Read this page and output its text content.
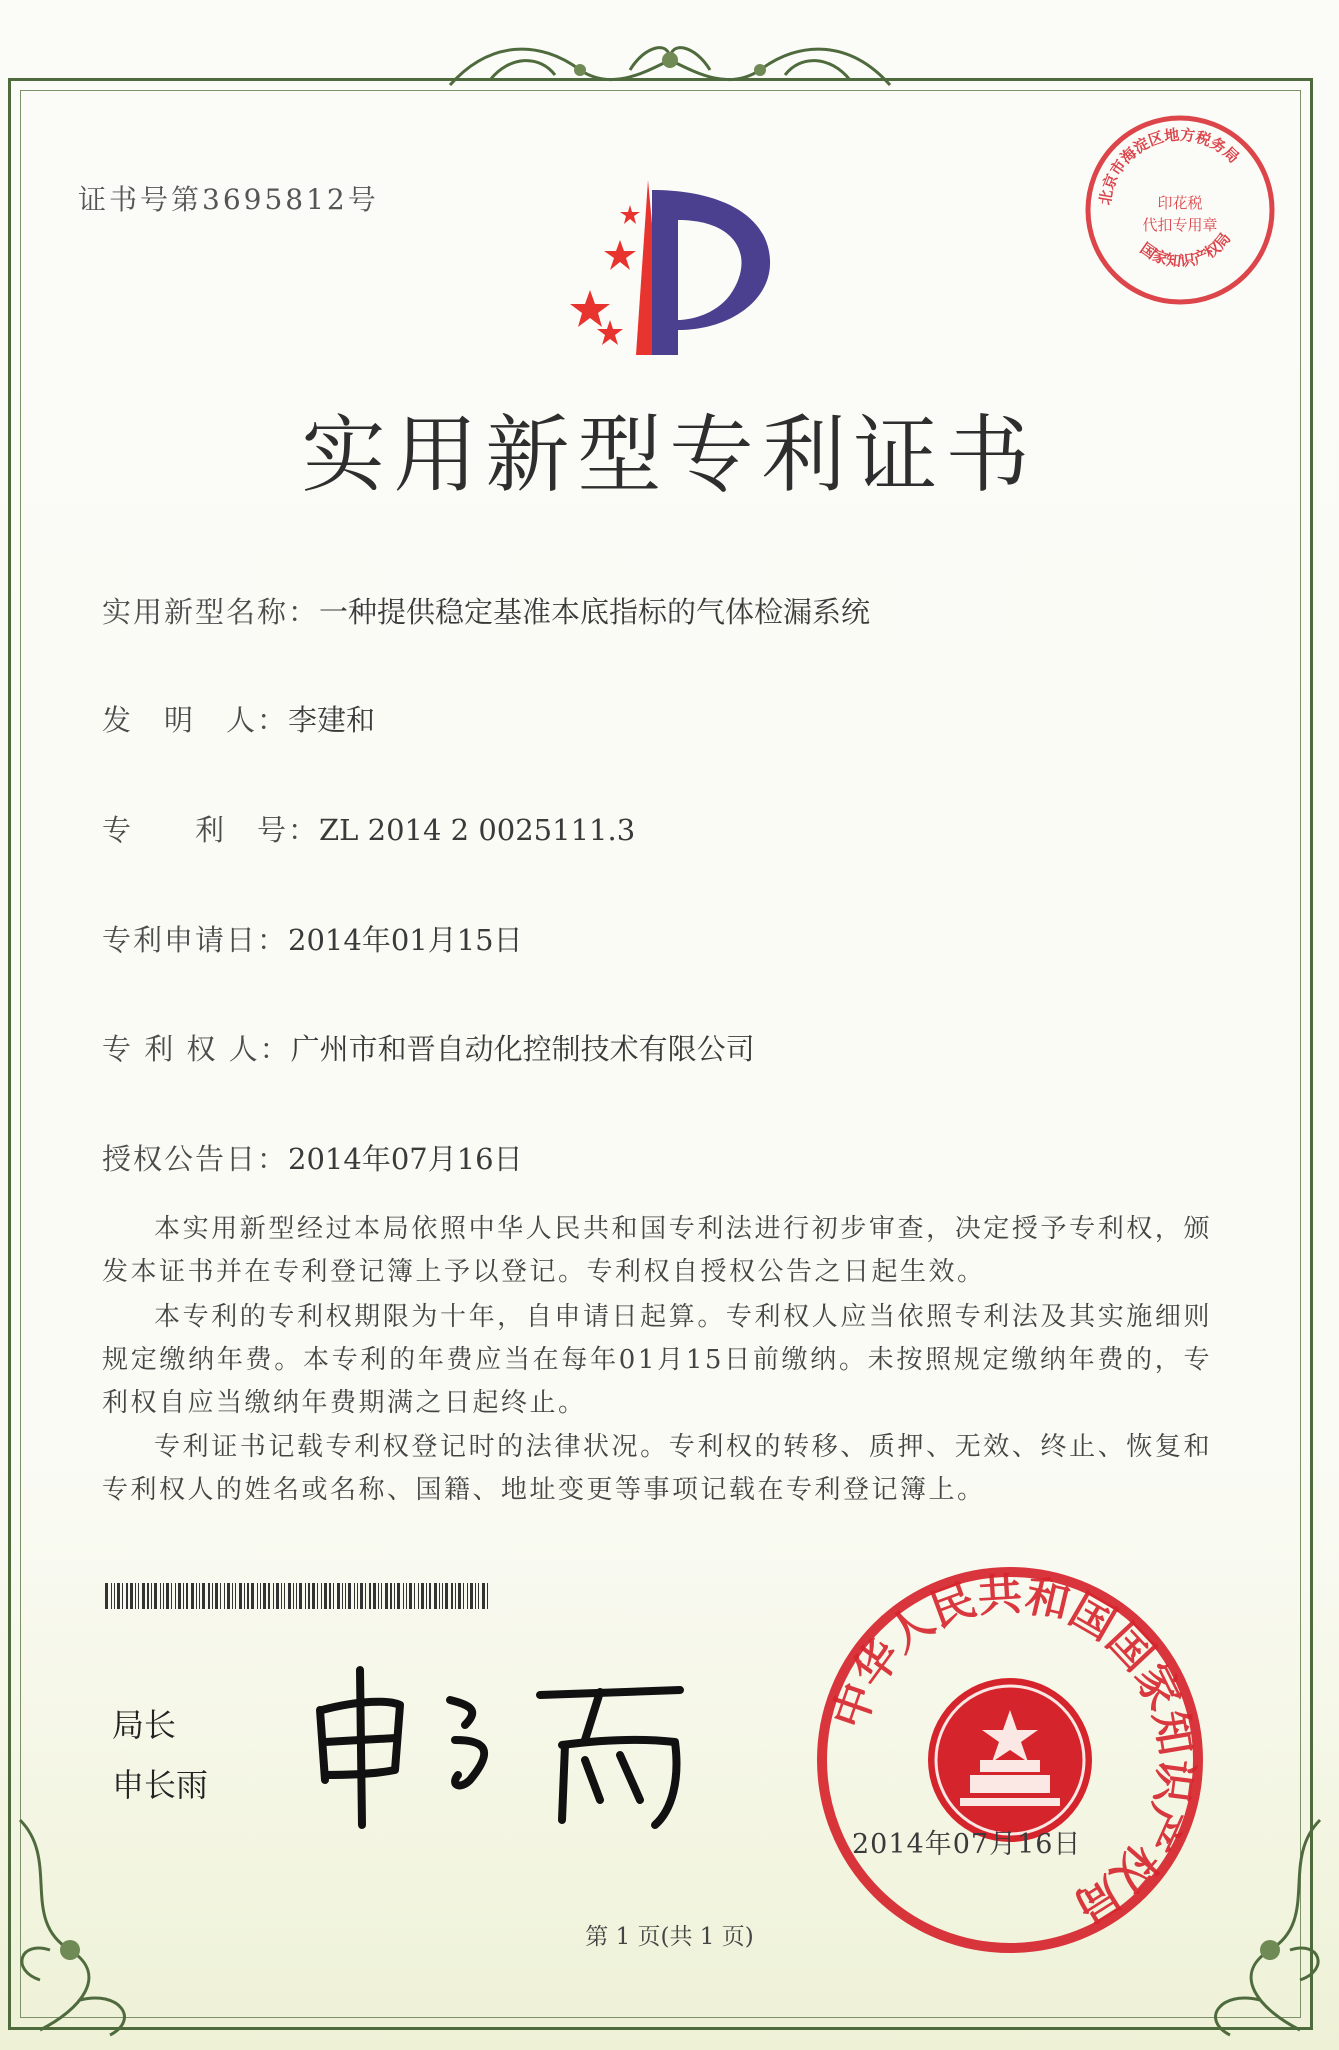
证书号第3695812号
实用新型专利证书
实用新型名称：一种提供稳定基准本底指标的气体检漏系统
发　明　人：李建和
专　　利　号：ZL 2014 2 0025111.3
专利申请日：2014年01月15日
专 利 权 人：广州市和晋自动化控制技术有限公司
授权公告日：2014年07月16日
本实用新型经过本局依照中华人民共和国专利法进行初步审查，决定授予专利权，颁发本证书并在专利登记簿上予以登记。专利权自授权公告之日起生效。
本专利的专利权期限为十年，自申请日起算。专利权人应当依照专利法及其实施细则规定缴纳年费。本专利的年费应当在每年01月15日前缴纳。未按照规定缴纳年费的，专利权自应当缴纳年费期满之日起终止。
专利证书记载专利权登记时的法律状况。专利权的转移、质押、无效、终止、恢复和专利权人的姓名或名称、国籍、地址变更等事项记载在专利登记簿上。
局长
申长雨
中华人民共和国国家知识产权局
2014年07月16日
北京市海淀区地方税务局
国家知识产权局
印花税
代扣专用章
第 1 页(共 1 页)
